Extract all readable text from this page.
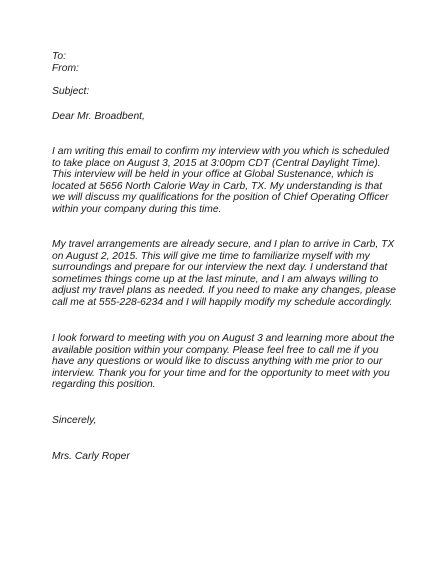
To:
From:
Subject:
Dear Mr. Broadbent,
I am writing this email to confirm my interview with you which is scheduled
to take place on August 3, 2015 at 3:00pm CDT (Central Daylight Time).
This interview will be held in your office at Global Sustenance, which is
located at 5656 North Calorie Way in Carb, TX. My understanding is that
we will discuss my qualifications for the position of Chief Operating Officer
within your company during this time.
My travel arrangements are already secure, and I plan to arrive in Carb, TX
on August 2, 2015. This will give me time to familiarize myself with my
surroundings and prepare for our interview the next day. I understand that
sometimes things come up at the last minute, and I am always willing to
adjust my travel plans as needed. If you need to make any changes, please
call me at 555-228-6234 and I will happily modify my schedule accordingly.
I look forward to meeting with you on August 3 and learning more about the
available position within your company. Please feel free to call me if you
have any questions or would like to discuss anything with me prior to our
interview. Thank you for your time and for the opportunity to meet with you
regarding this position.
Sincerely,
Mrs. Carly Roper
